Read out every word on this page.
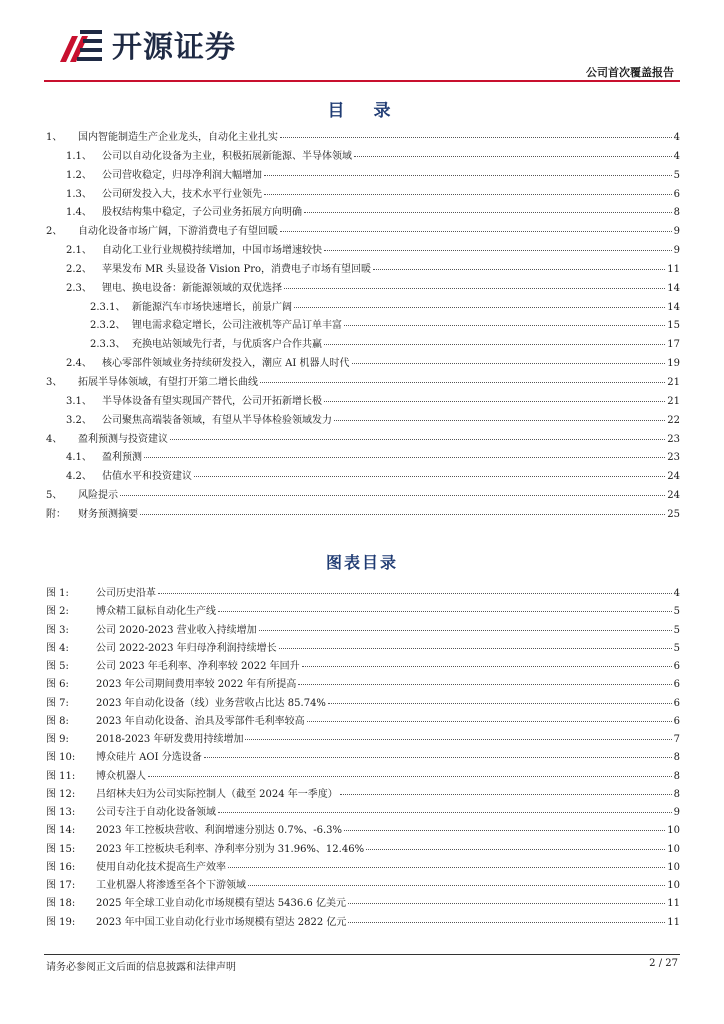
开源证券
公司首次覆盖报告
目　录
1、	国内智能制造生产企业龙头，自动化主业扎实	4
1.1、	公司以自动化设备为主业，积极拓展新能源、半导体领域	4
1.2、	公司营收稳定，归母净利润大幅增加	5
1.3、	公司研发投入大，技术水平行业领先	6
1.4、	股权结构集中稳定，子公司业务拓展方向明确	8
2、	自动化设备市场广阔，下游消费电子有望回暖	9
2.1、	自动化工业行业规模持续增加，中国市场增速较快	9
2.2、	苹果发布 MR 头显设备 Vision Pro，消费电子市场有望回暖	11
2.3、	锂电、换电设备：新能源领域的双优选择	14
2.3.1、 新能源汽车市场快速增长，前景广阔	14
2.3.2、 锂电需求稳定增长，公司注液机等产品订单丰富	15
2.3.3、 充换电站领域先行者，与优质客户合作共赢	17
2.4、	核心零部件领域业务持续研发投入，潮应 AI 机器人时代	19
3、	拓展半导体领域，有望打开第二增长曲线	21
3.1、	半导体设备有望实现国产替代，公司开拓新增长极	21
3.2、	公司聚焦高端装备领域，有望从半导体检验领域发力	22
4、	盈利预测与投资建议	23
4.1、	盈利预测	23
4.2、	估值水平和投资建议	24
5、	风险提示	24
附：	财务预测摘要	25
图表目录
图 1:	公司历史沿革	4
图 2:	博众精工鼠标自动化生产线	5
图 3:	公司 2020-2023 营业收入持续增加	5
图 4:	公司 2022-2023 年归母净利润持续增长	5
图 5:	公司 2023 年毛利率、净利率较 2022 年回升	6
图 6:	2023 年公司期间费用率较 2022 年有所提高	6
图 7:	2023 年自动化设备（线）业务营收占比达 85.74%	6
图 8:	2023 年自动化设备、治具及零部件毛利率较高	6
图 9:	2018-2023 年研发费用持续增加	7
图 10:	博众硅片 AOI 分选设备	8
图 11:	博众机器人	8
图 12:	吕绍林夫妇为公司实际控制人（截至 2024 年一季度）	8
图 13:	公司专注于自动化设备领域	9
图 14:	2023 年工控板块营收、利润增速分别达 0.7%、-6.3%	10
图 15:	2023 年工控板块毛利率、净利率分别为 31.96%、12.46%	10
图 16:	使用自动化技术提高生产效率	10
图 17:	工业机器人将渗透至各个下游领域	10
图 18:	2025 年全球工业自动化市场规模有望达 5436.6 亿美元	11
图 19:	2023 年中国工业自动化行业市场规模有望达 2822 亿元	11
请务必参阅正文后面的信息披露和法律声明	2 / 27
